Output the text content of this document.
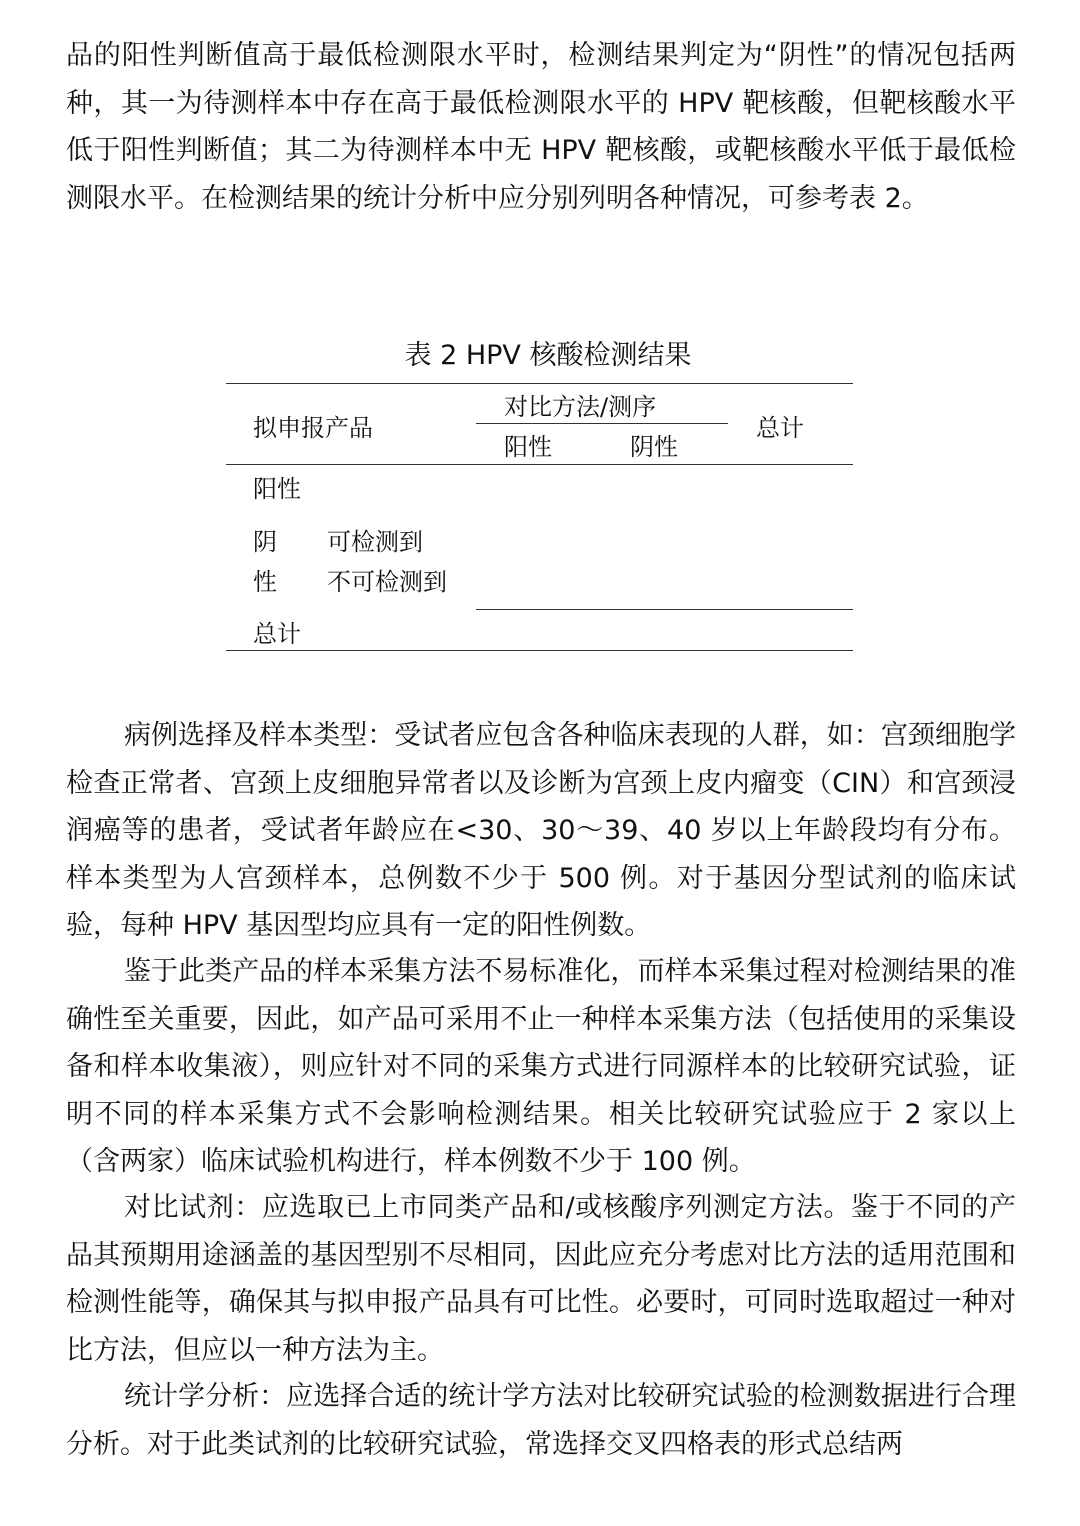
品的阳性判断值高于最低检测限水平时，检测结果判定为“阴性”的情况包括两种，其一为待测样本中存在高于最低检测限水平的 HPV 靶核酸，但靶核酸水平低于阳性判断值；其二为待测样本中无 HPV 靶核酸，或靶核酸水平低于最低检测限水平。在检测结果的统计分析中应分别列明各种情况，可参考表 2。

表 2 HPV 核酸检测结果
拟申报产品
对比方法/测序
阳性	阴性
总计
阳性
阴
性
可检测到
不可检测到
总计

病例选择及样本类型：受试者应包含各种临床表现的人群，如：宫颈细胞学检查正常者、宫颈上皮细胞异常者以及诊断为宫颈上皮内瘤变（CIN）和宫颈浸润癌等的患者，受试者年龄应在<30、30～39、40 岁以上年龄段均有分布。样本类型为人宫颈样本，总例数不少于 500 例。对于基因分型试剂的临床试验，每种 HPV 基因型均应具有一定的阳性例数。

鉴于此类产品的样本采集方法不易标准化，而样本采集过程对检测结果的准确性至关重要，因此，如产品可采用不止一种样本采集方法（包括使用的采集设备和样本收集液），则应针对不同的采集方式进行同源样本的比较研究试验，证明不同的样本采集方式不会影响检测结果。相关比较研究试验应于 2 家以上（含两家）临床试验机构进行，样本例数不少于 100 例。

对比试剂：应选取已上市同类产品和/或核酸序列测定方法。鉴于不同的产品其预期用途涵盖的基因型别不尽相同，因此应充分考虑对比方法的适用范围和检测性能等，确保其与拟申报产品具有可比性。必要时，可同时选取超过一种对比方法，但应以一种方法为主。

统计学分析：应选择合适的统计学方法对比较研究试验的检测数据进行合理分析。对于此类试剂的比较研究试验，常选择交叉四格表的形式总结两
